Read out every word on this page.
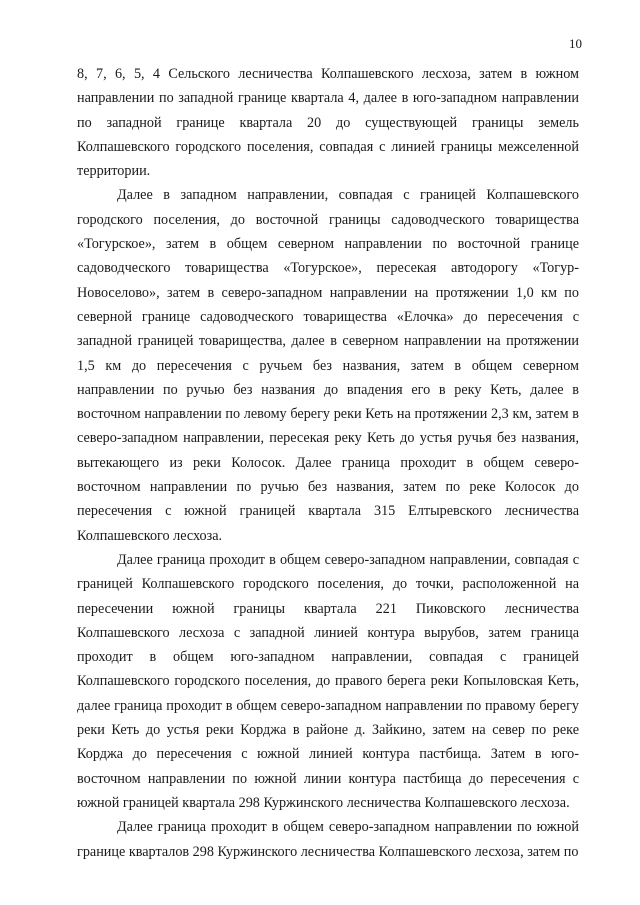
10

8, 7, 6, 5, 4 Сельского лесничества Колпашевского лесхоза, затем в южном направлении по западной границе квартала 4, далее в юго-западном направлении по западной границе квартала 20 до существующей границы земель Колпашевского городского поселения, совпадая с линией границы межселенной территории.

Далее в западном направлении, совпадая с границей Колпашевского городского поселения, до восточной границы садоводческого товарищества «Тогурское», затем в общем северном направлении по восточной границе садоводческого товарищества «Тогурское», пересекая автодорогу «Тогур-Новоселово», затем в северо-западном направлении на протяжении 1,0 км по северной границе садоводческого товарищества «Елочка» до пересечения с западной границей товарищества, далее в северном направлении на протяжении 1,5 км до пересечения с ручьем без названия, затем в общем северном направлении по ручью без названия до впадения его в реку Кеть, далее в восточном направлении по левому берегу реки Кеть на протяжении 2,3 км, затем в северо-западном направлении, пересекая реку Кеть до устья ручья без названия, вытекающего из реки Колосок. Далее граница проходит в общем северо-восточном направлении по ручью без названия, затем по реке Колосок до пересечения с южной границей квартала 315 Елтыревского лесничества Колпашевского лесхоза.

Далее граница проходит в общем северо-западном направлении, совпадая с границей Колпашевского городского поселения, до точки, расположенной на пересечении южной границы квартала 221 Пиковского лесничества Колпашевского лесхоза с западной линией контура вырубов, затем граница проходит в общем юго-западном направлении, совпадая с границей Колпашевского городского поселения, до правого берега реки Копыловская Кеть, далее граница проходит в общем северо-западном направлении по правому берегу реки Кеть до устья реки Корджа в районе д. Зайкино, затем на север по реке Корджа до пересечения с южной линией контура пастбища. Затем в юго-восточном направлении по южной линии контура пастбища до пересечения с южной границей квартала 298 Куржинского лесничества Колпашевского лесхоза.

Далее граница проходит в общем северо-западном направлении по южной границе кварталов 298 Куржинского лесничества Колпашевского лесхоза, затем по
